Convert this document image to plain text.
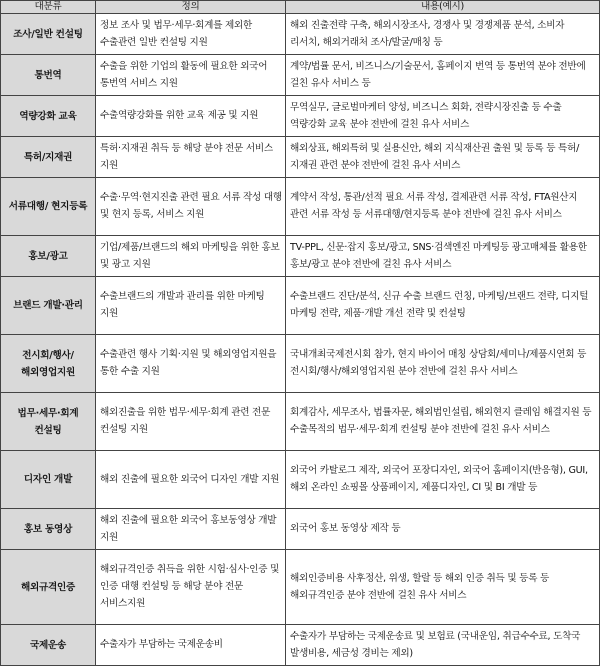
대분류	정의	내용(예시)
조사/일반 컨설팅	정보 조사 및 법무·세무·회계를 제외한 수출관련 일반 컨설팅 지원	해외 진출전략 구축, 해외시장조사, 경쟁사 및 경쟁제품 분석, 소비자 리서치, 해외거래처 조사/발굴/매칭 등
통번역	수출을 위한 기업의 활동에 필요한 외국어 통번역 서비스 지원	계약/법률 문서, 비즈니스/기술문서, 홈페이지 번역 등 통번역 분야 전반에 걸친 유사 서비스 등
역량강화 교육	수출역량강화를 위한 교육 제공 및 지원	무역실무, 글로벌마케터 양성, 비즈니스 회화, 전략시장진출 등 수출 역량강화 교육 분야 전반에 걸친 유사 서비스
특허/지재권	특허·지재권 취득 등 해당 분야 전문 서비스 지원	해외상표, 해외특허 및 실용신안, 해외 지식재산권 출원 및 등록 등 특허/지재권 관련 분야 전반에 걸친 유사 서비스
서류대행/ 현지등록	수출·무역·현지진출 관련 필요 서류 작성 대행 및 현지 등록, 서비스 지원	계약서 작성, 통관/선적 필요 서류 작성, 결제관련 서류 작성, FTA원산지 관련 서류 작성 등 서류대행/현지등록 분야 전반에 걸친 유사 서비스
홍보/광고	기업/제품/브랜드의 해외 마케팅을 위한 홍보 및 광고 지원	TV-PPL, 신문·잡지 홍보/광고, SNS·검색엔진 마케팅등 광고매체를 활용한 홍보/광고 분야 전반에 걸친 유사 서비스
브랜드 개발·관리	수출브랜드의 개발과 관리를 위한 마케팅 지원	수출브랜드 진단/분석, 신규 수출 브랜드 런칭, 마케팅/브랜드 전략, 디지털 마케팅 전략, 제품·개발 개선 전략 및 컨설팅
전시회/행사/ 해외영업지원	수출관련 행사 기획·지원 및 해외영업지원을 통한 수출 지원	국내개최국제전시회 참가, 현지 바이어 매칭 상담회/세미나/제품시연회 등 전시회/행사/해외영업지원 분야 전반에 걸친 유사 서비스
법무·세무·회계 컨설팅	해외진출을 위한 법무·세무·회계 관련 전문 컨설팅 지원	회계감사, 세무조사, 법률자문, 해외법인설립, 해외현지 클레임 해결지원 등 수출목적의 법무·세무·회계 컨설팅 분야 전반에 걸친 유사 서비스
디자인 개발	해외 진출에 필요한 외국어 디자인 개발 지원	외국어 카탈로그 제작, 외국어 포장디자인, 외국어 홈페이지(반응형), GUI, 해외 온라인 쇼핑몰 상품페이지, 제품디자인, CI 및 BI 개발 등
홍보 동영상	해외 진출에 필요한 외국어 홍보동영상 개발 지원	외국어 홍보 동영상 제작 등
해외규격인증	해외규격인증 취득을 위한 시험·심사·인증 및 인증 대행 컨설팅 등 해당 분야 전문 서비스지원	해외인증비용 사후정산, 위생, 할랄 등 해외 인증 취득 및 등록 등 해외규격인증 분야 전반에 걸친 유사 서비스
국제운송	수출자가 부담하는 국제운송비	수출자가 부담하는 국제운송료 및 보험료 (국내운임, 취급수수료, 도착국 발생비용, 세금성 경비는 제외)
